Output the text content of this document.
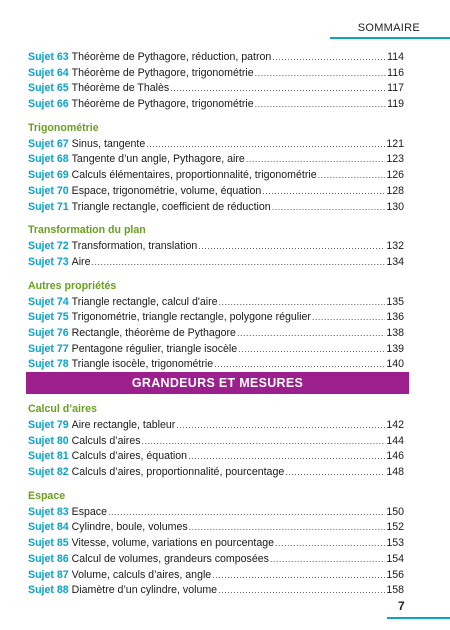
SOMMAIRE
Sujet 63 Théorème de Pythagore, réduction, patron .....	114
Sujet 64 Théorème de Pythagore, trigonométrie .....	116
Sujet 65 Théorème de Thalès .....	117
Sujet 66 Théorème de Pythagore, trigonométrie .....	119
Trigonométrie
Sujet 67 Sinus, tangente .....	121
Sujet 68 Tangente d’un angle, Pythagore, aire .....	123
Sujet 69 Calculs élémentaires, proportionnalité, trigonométrie .....	126
Sujet 70 Espace, trigonométrie, volume, équation .....	128
Sujet 71 Triangle rectangle, coefficient de réduction .....	130
Transformation du plan
Sujet 72 Transformation, translation .....	132
Sujet 73 Aire .....	134
Autres propriétés
Sujet 74 Triangle rectangle, calcul d'aire .....	135
Sujet 75 Trigonométrie, triangle rectangle, polygone régulier .....	136
Sujet 76 Rectangle, théorème de Pythagore .....	138
Sujet 77 Pentagone régulier, triangle isocèle .....	139
Sujet 78 Triangle isocèle, trigonométrie .....	140
GRANDEURS ET MESURES
Calcul d’aires
Sujet 79 Aire rectangle, tableur .....	142
Sujet 80 Calculs d’aires .....	144
Sujet 81 Calculs d’aires, équation .....	146
Sujet 82 Calculs d’aires, proportionnalité, pourcentage .....	148
Espace
Sujet 83 Espace .....	150
Sujet 84 Cylindre, boule, volumes .....	152
Sujet 85 Vitesse, volume, variations en pourcentage .....	153
Sujet 86 Calcul de volumes, grandeurs composées .....	154
Sujet 87 Volume, calculs d’aires, angle .....	156
Sujet 88 Diamètre d’un cylindre, volume .....	158
7
